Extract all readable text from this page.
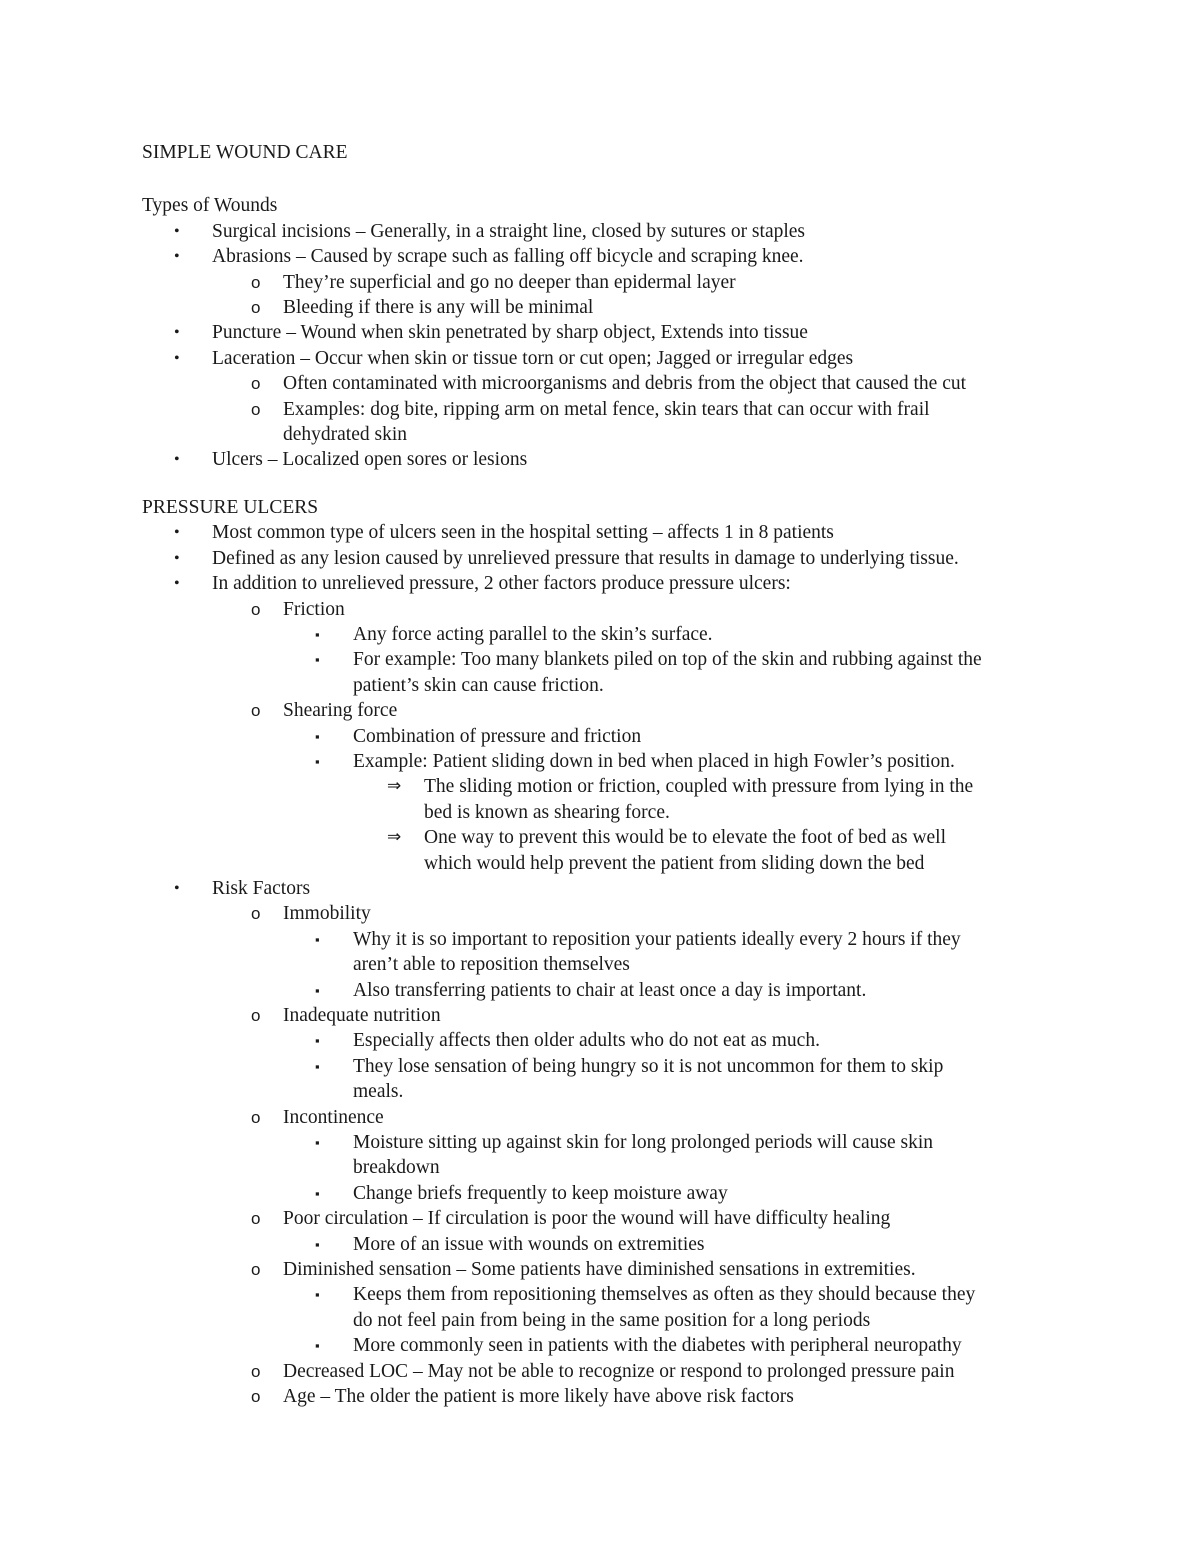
SIMPLE WOUND CARE
Types of Wounds
• Surgical incisions – Generally, in a straight line, closed by sutures or staples
• Abrasions – Caused by scrape such as falling off bicycle and scraping knee.
o They’re superficial and go no deeper than epidermal layer
o Bleeding if there is any will be minimal
• Puncture – Wound when skin penetrated by sharp object, Extends into tissue
• Laceration – Occur when skin or tissue torn or cut open; Jagged or irregular edges
o Often contaminated with microorganisms and debris from the object that caused the cut
o Examples: dog bite, ripping arm on metal fence, skin tears that can occur with frail
dehydrated skin
• Ulcers – Localized open sores or lesions
PRESSURE ULCERS
• Most common type of ulcers seen in the hospital setting – affects 1 in 8 patients
• Defined as any lesion caused by unrelieved pressure that results in damage to underlying tissue.
• In addition to unrelieved pressure, 2 other factors produce pressure ulcers:
o Friction
▪ Any force acting parallel to the skin’s surface.
▪ For example: Too many blankets piled on top of the skin and rubbing against the
patient’s skin can cause friction.
o Shearing force
▪ Combination of pressure and friction
▪ Example: Patient sliding down in bed when placed in high Fowler’s position.
⇒ The sliding motion or friction, coupled with pressure from lying in the
bed is known as shearing force.
⇒ One way to prevent this would be to elevate the foot of bed as well
which would help prevent the patient from sliding down the bed
• Risk Factors
o Immobility
▪ Why it is so important to reposition your patients ideally every 2 hours if they
aren’t able to reposition themselves
▪ Also transferring patients to chair at least once a day is important.
o Inadequate nutrition
▪ Especially affects then older adults who do not eat as much.
▪ They lose sensation of being hungry so it is not uncommon for them to skip
meals.
o Incontinence
▪ Moisture sitting up against skin for long prolonged periods will cause skin
breakdown
▪ Change briefs frequently to keep moisture away
o Poor circulation – If circulation is poor the wound will have difficulty healing
▪ More of an issue with wounds on extremities
o Diminished sensation – Some patients have diminished sensations in extremities.
▪ Keeps them from repositioning themselves as often as they should because they
do not feel pain from being in the same position for a long periods
▪ More commonly seen in patients with the diabetes with peripheral neuropathy
o Decreased LOC – May not be able to recognize or respond to prolonged pressure pain
o Age – The older the patient is more likely have above risk factors
